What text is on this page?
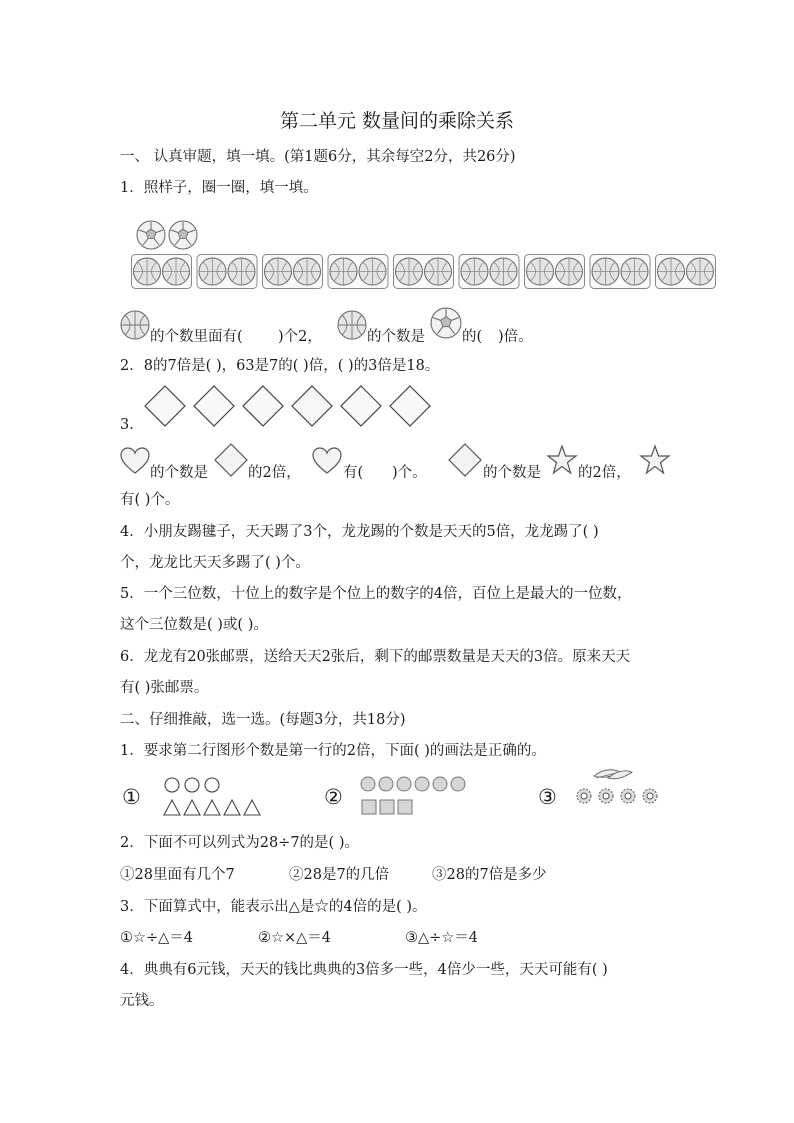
第二单元 数量间的乘除关系
一、 认真审题，填一填。(第1题6分，其余每空2分，共26分)
1．照样子，圈一圈，填一填。
的个数里面有( )个2，	的个数是	的( )倍。
2．8的7倍是( )，63是7的( )倍，( )的3倍是18。
3．
的个数是	的2倍，	有( )个。	的个数是	的2倍，
有( )个。
4．小朋友踢毽子，天天踢了3个，龙龙踢的个数是天天的5倍，龙龙踢了( )
个，龙龙比天天多踢了( )个。
5．一个三位数，十位上的数字是个位上的数字的4倍，百位上是最大的一位数，
这个三位数是( )或( )。
6．龙龙有20张邮票，送给天天2张后，剩下的邮票数量是天天的3倍。原来天天
有( )张邮票。
二、仔细推敲，选一选。(每题3分，共18分)
1．要求第二行图形个数是第一行的2倍，下面( )的画法是正确的。
①	②	③
2．下面不可以列式为28÷7的是( )。
①28里面有几个7	②28是7的几倍	③28的7倍是多少
3．下面算式中，能表示出△是☆的4倍的是( )。
①☆÷△＝4	②☆×△＝4	③△÷☆＝4
4．典典有6元钱，天天的钱比典典的3倍多一些，4倍少一些，天天可能有( )
元钱。
